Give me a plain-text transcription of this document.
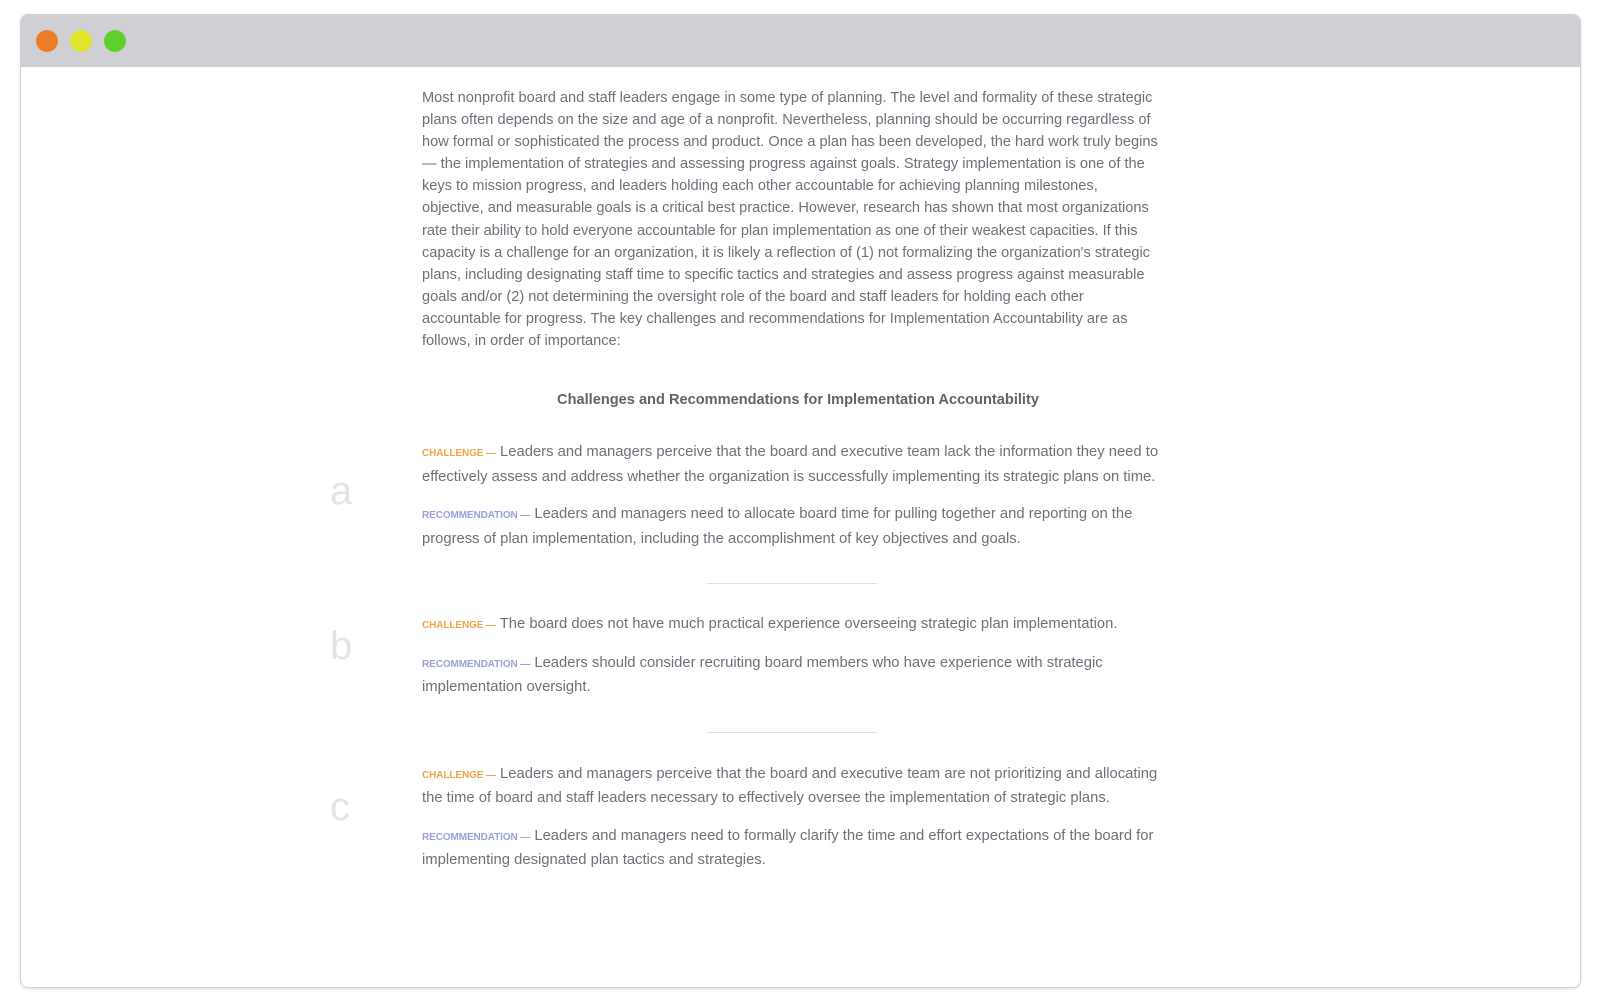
Most nonprofit board and staff leaders engage in some type of planning. The level and formality of these strategic plans often depends on the size and age of a nonprofit. Nevertheless, planning should be occurring regardless of how formal or sophisticated the process and product. Once a plan has been developed, the hard work truly begins — the implementation of strategies and assessing progress against goals. Strategy implementation is one of the keys to mission progress, and leaders holding each other accountable for achieving planning milestones, objective, and measurable goals is a critical best practice. However, research has shown that most organizations rate their ability to hold everyone accountable for plan implementation as one of their weakest capacities. If this capacity is a challenge for an organization, it is likely a reflection of (1) not formalizing the organization's strategic plans, including designating staff time to specific tactics and strategies and assess progress against measurable goals and/or (2) not determining the oversight role of the board and staff leaders for holding each other accountable for progress. The key challenges and recommendations for Implementation Accountability are as follows, in order of importance:

Challenges and Recommendations for Implementation Accountability
a

CHALLENGE — Leaders and managers perceive that the board and executive team lack the information they need to effectively assess and address whether the organization is successfully implementing its strategic plans on time.

RECOMMENDATION — Leaders and managers need to allocate board time for pulling together and reporting on the progress of plan implementation, including the accomplishment of key objectives and goals.

b	CHALLENGE — The board does not have much practical experience overseeing strategic plan implementation.

RECOMMENDATION — Leaders should consider recruiting board members who have experience with strategic implementation oversight.

c

CHALLENGE — Leaders and managers perceive that the board and executive team are not prioritizing and allocating the time of board and staff leaders necessary to effectively oversee the implementation of strategic plans.

RECOMMENDATION — Leaders and managers need to formally clarify the time and effort expectations of the board for implementing designated plan tactics and strategies.
